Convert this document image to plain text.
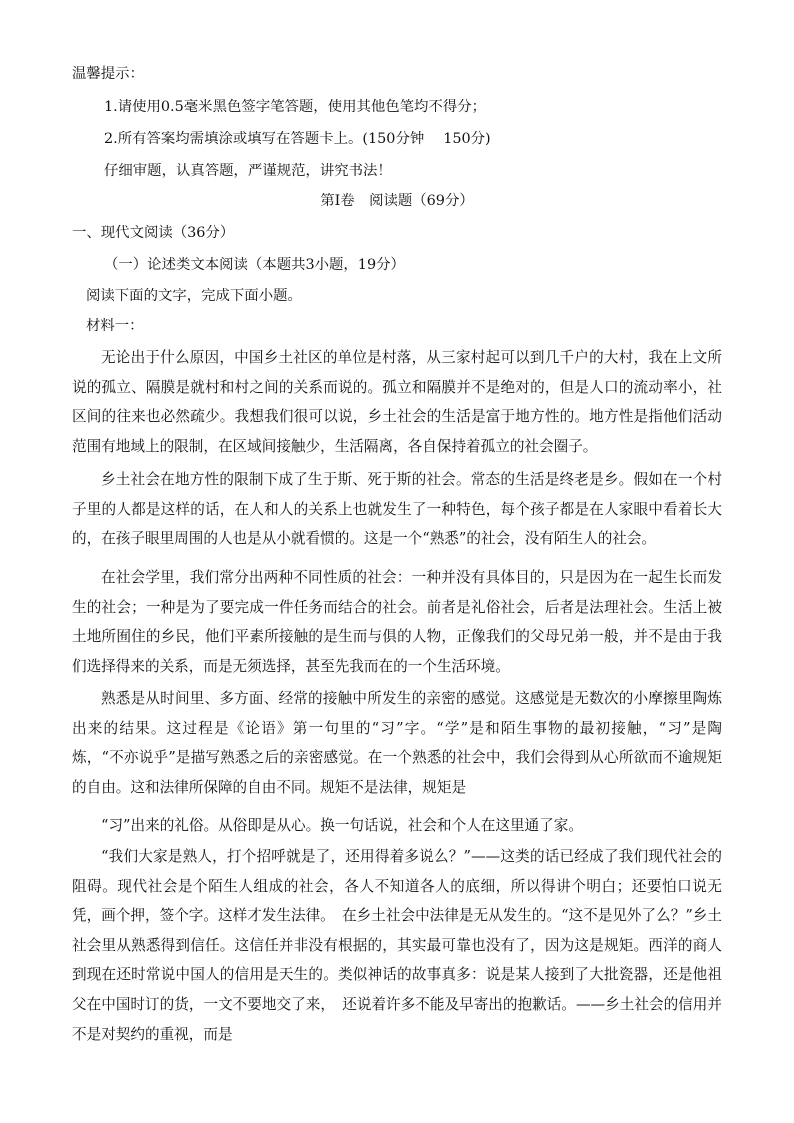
温馨提示：
1.请使用0.5毫米黑色签字笔答题，使用其他色笔均不得分；
2.所有答案均需填涂或填写在答题卡上。(150分钟　 150分)
仔细审题，认真答题，严谨规范，讲究书法！
第Ⅰ卷　阅读题（69分）
一、现代文阅读（36分）
（一）论述类文本阅读（本题共3小题，19分）
阅读下面的文字，完成下面小题。
材料一：
无论出于什么原因，中国乡土社区的单位是村落，从三家村起可以到几千户的大村，我在上文所说的孤立、隔膜是就村和村之间的关系而说的。孤立和隔膜并不是绝对的，但是人口的流动率小，社区间的往来也必然疏少。我想我们很可以说，乡土社会的生活是富于地方性的。地方性是指他们活动范围有地域上的限制，在区域间接触少，生活隔离，各自保持着孤立的社会圈子。
乡土社会在地方性的限制下成了生于斯、死于斯的社会。常态的生活是终老是乡。假如在一个村子里的人都是这样的话，在人和人的关系上也就发生了一种特色，每个孩子都是在人家眼中看着长大的，在孩子眼里周围的人也是从小就看惯的。这是一个“熟悉”的社会，没有陌生人的社会。
在社会学里，我们常分出两种不同性质的社会：一种并没有具体目的，只是因为在一起生长而发生的社会；一种是为了要完成一件任务而结合的社会。前者是礼俗社会，后者是法理社会。生活上被土地所囿住的乡民，他们平素所接触的是生而与俱的人物，正像我们的父母兄弟一般，并不是由于我们选择得来的关系，而是无须选择，甚至先我而在的一个生活环境。
熟悉是从时间里、多方面、经常的接触中所发生的亲密的感觉。这感觉是无数次的小摩擦里陶炼出来的结果。这过程是《论语》第一句里的“习”字。“学”是和陌生事物的最初接触，“习”是陶炼，“不亦说乎”是描写熟悉之后的亲密感觉。在一个熟悉的社会中，我们会得到从心所欲而不逾规矩的自由。这和法律所保障的自由不同。规矩不是法律，规矩是
“习”出来的礼俗。从俗即是从心。换一句话说，社会和个人在这里通了家。
“我们大家是熟人，打个招呼就是了，还用得着多说么？”——这类的话已经成了我们现代社会的阻碍。现代社会是个陌生人组成的社会，各人不知道各人的底细，所以得讲个明白；还要怕口说无凭，画个押，签个字。这样才发生法律。　在乡土社会中法律是无从发生的。“这不是见外了么？”乡土社会里从熟悉得到信任。这信任并非没有根据的，其实最可靠也没有了，因为这是规矩。西洋的商人到现在还时常说中国人的信用是天生的。类似神话的故事真多：说是某人接到了大批瓷器，还是他祖父在中国时订的货，一文不要地交了来，　还说着许多不能及早寄出的抱歉话。——乡土社会的信用并不是对契约的重视，而是
